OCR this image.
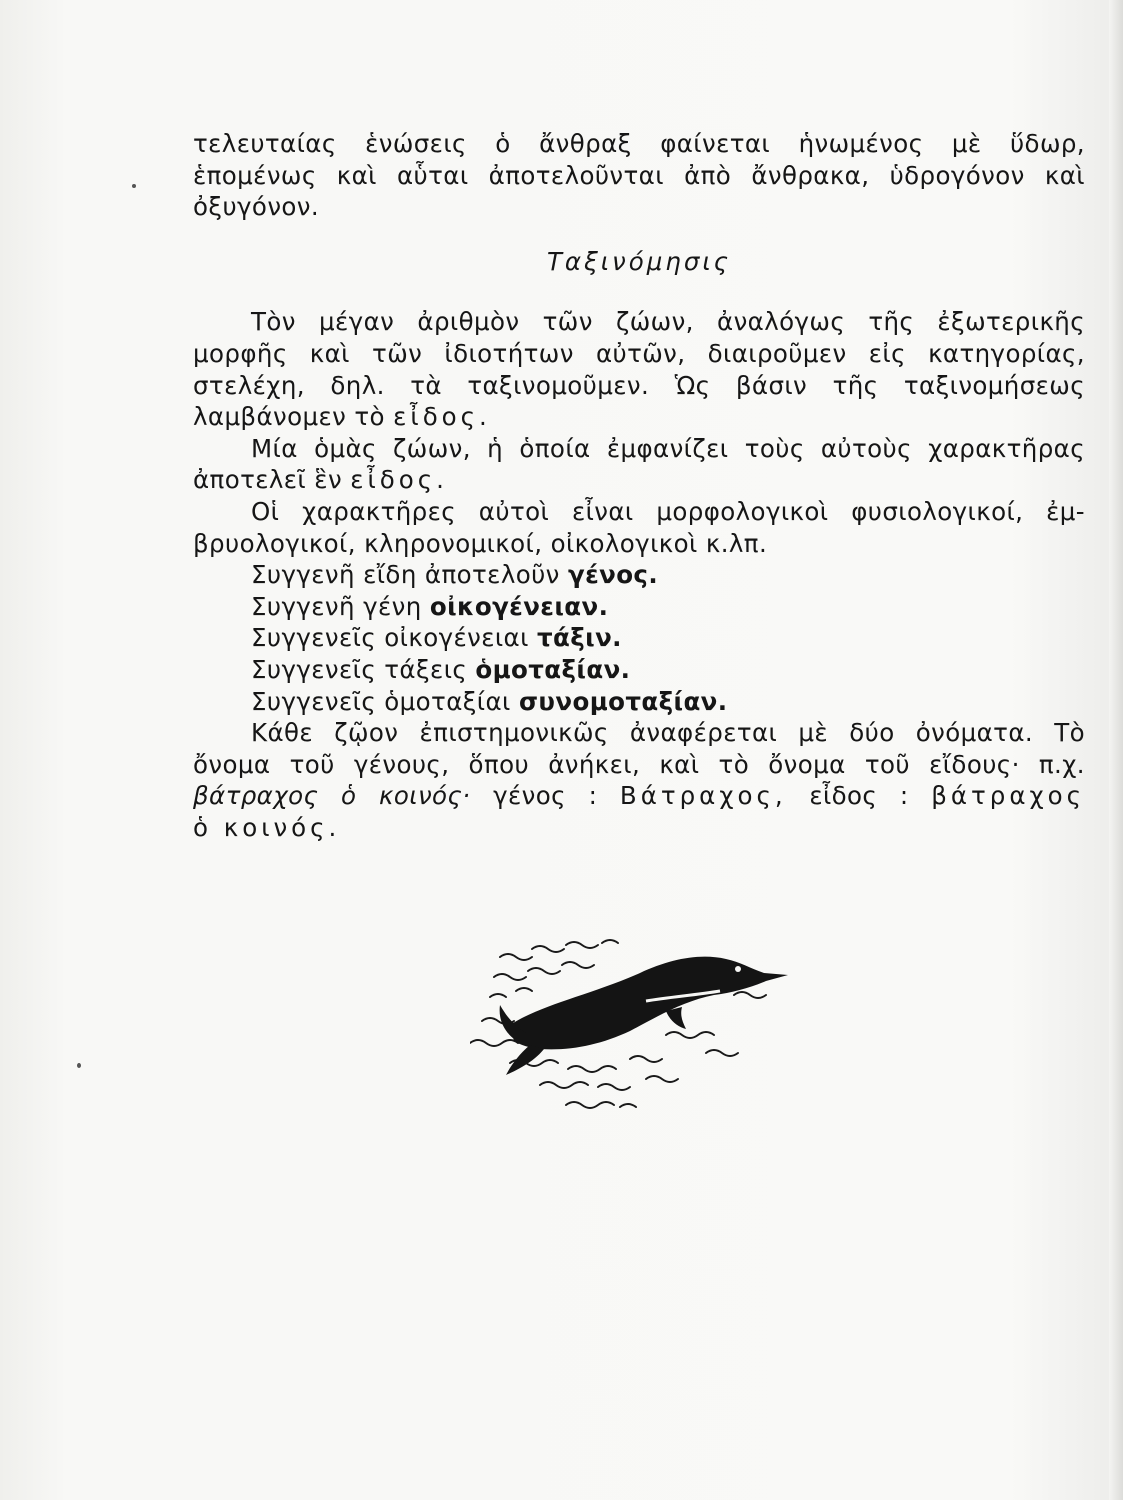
τελευταίας ἑνώσεις ὁ ἄνθραξ φαίνεται ἡνωμένος μὲ ὕδωρ,
ἑπομένως καὶ αὗται ἀποτελοῦνται ἀπὸ ἄνθρακα, ὑδρογόνον καὶ
ὀξυγόνον.
Ταξινόμησις
Τὸν μέγαν ἀριθμὸν τῶν ζώων, ἀναλόγως τῆς ἐξωτερικῆς
μορφῆς καὶ τῶν ἰδιοτήτων αὐτῶν, διαιροῦμεν εἰς κατηγορίας,
στελέχη, δηλ. τὰ ταξινομοῦμεν. Ὡς βάσιν τῆς ταξινομήσεως
λαμβάνομεν τὸ εἶδος.
Μία ὁμὰς ζώων, ἡ ὁποία ἐμφανίζει τοὺς αὐτοὺς χαρακτῆρας
ἀποτελεῖ ἓν εἶδος.
Οἱ χαρακτῆρες αὐτοὶ εἶναι μορφολογικοὶ φυσιολογικοί, ἐμ-
βρυολογικοί, κληρονομικοί, οἰκολογικοὶ κ.λπ.
Συγγενῆ εἴδη ἀποτελοῦν γένος.
Συγγενῆ γένη οἰκογένειαν.
Συγγενεῖς οἰκογένειαι τάξιν.
Συγγενεῖς τάξεις ὁμοταξίαν.
Συγγενεῖς ὁμοταξίαι συνομοταξίαν.
Κάθε ζῷον ἐπιστημονικῶς ἀναφέρεται μὲ δύο ὀνόματα. Τὸ
ὄνομα τοῦ γένους, ὅπου ἀνήκει, καὶ τὸ ὄνομα τοῦ εἴδους· π.χ.
βάτραχος ὁ κοινός· γένος : Βάτραχος, εἶδος : βάτραχος
ὁ κοινός.
